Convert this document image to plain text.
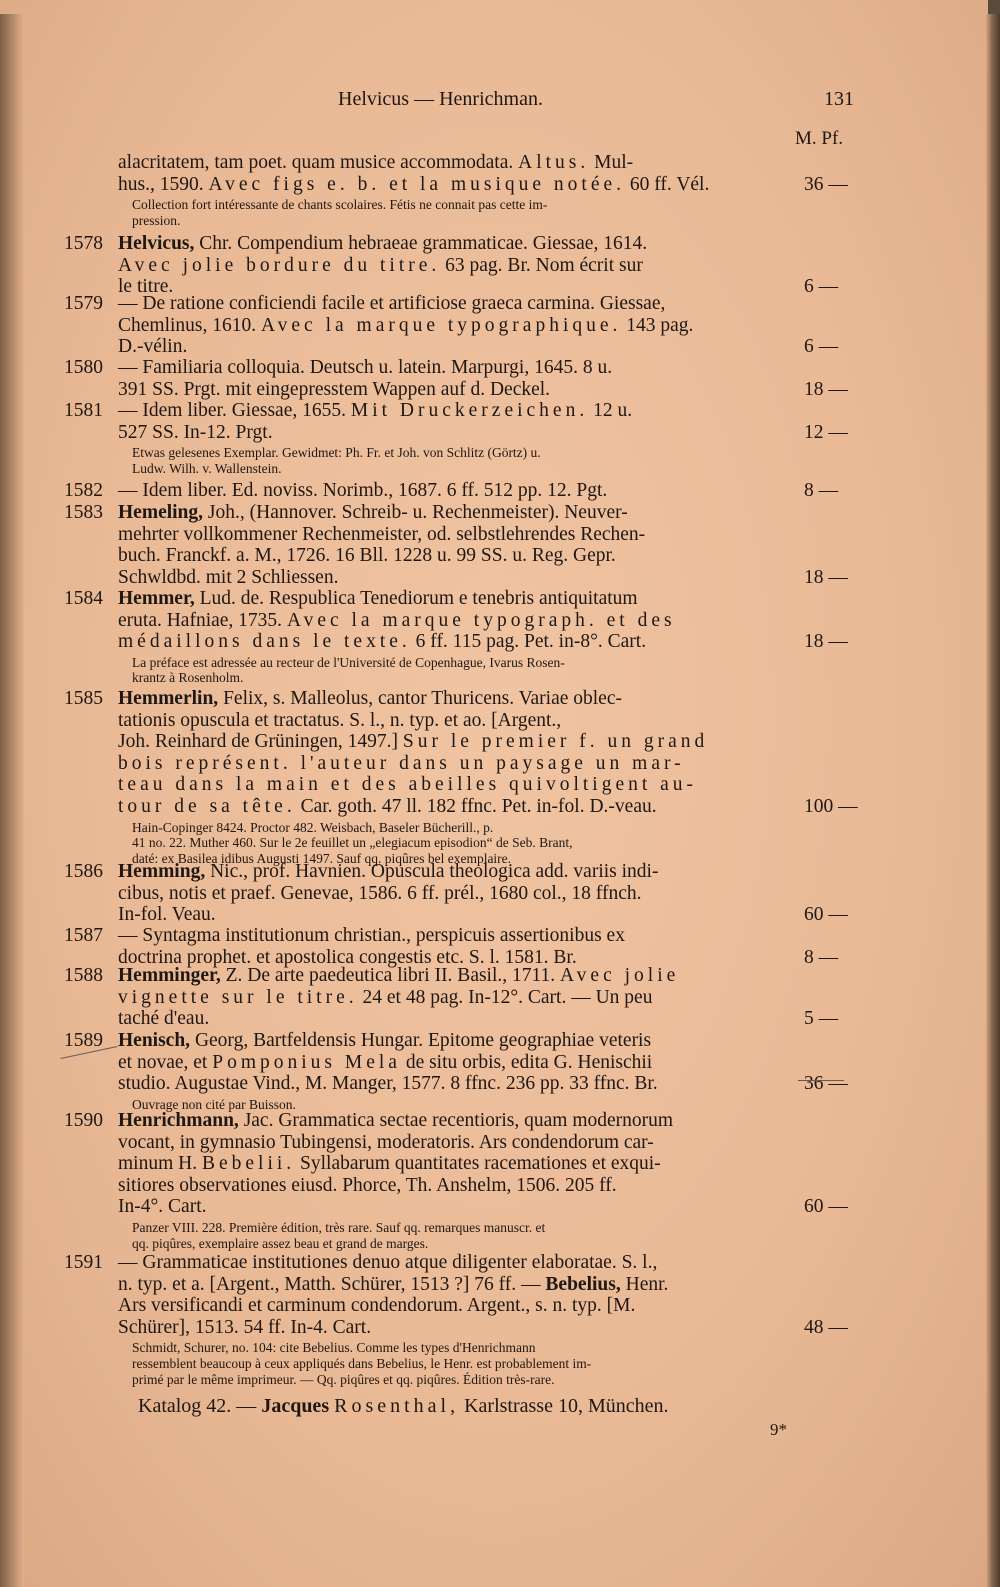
Helvicus — Henrichman.	131
M. Pf.
alacritatem, tam poet. quam musice accommodata. Altus. Mul-
hus., 1590. Avec figs e. b. et la musique notée. 60 ff. Vél.	36 —
Collection fort intéressante de chants scolaires. Fétis ne connait pas cette im-
pression.
1578 Helvicus, Chr. Compendium hebraeae grammaticae. Giessae, 1614.
Avec jolie bordure du titre. 63 pag. Br. Nom écrit sur
le titre.	6 —
1579 — De ratione conficiendi facile et artificiose graeca carmina. Giessae,
Chemlinus, 1610. Avec la marque typographique. 143 pag.
D.-vélin.	6 —
1580 — Familiaria colloquia. Deutsch u. latein. Marpurgi, 1645. 8 u.
391 SS. Prgt. mit eingepresstem Wappen auf d. Deckel.	18 —
1581 — Idem liber. Giessae, 1655. Mit Druckerzeichen. 12 u.
527 SS. In-12. Prgt.	12 —
Etwas gelesenes Exemplar. Gewidmet: Ph. Fr. et Joh. von Schlitz (Görtz) u.
Ludw. Wilh. v. Wallenstein.
1582 — Idem liber. Ed. noviss. Norimb., 1687. 6 ff. 512 pp. 12. Pgt.	8 —
1583 Hemeling, Joh., (Hannover. Schreib- u. Rechenmeister). Neuver-
mehrter vollkommener Rechenmeister, od. selbstlehrendes Rechen-
buch. Franckf. a. M., 1726. 16 Bll. 1228 u. 99 SS. u. Reg. Gepr.
Schwldbd. mit 2 Schliessen.	18 —
1584 Hemmer, Lud. de. Respublica Tenediorum e tenebris antiquitatum
eruta. Hafniae, 1735. Avec la marque typograph. et des
médaillons dans le texte. 6 ff. 115 pag. Pet. in-8°. Cart.	18 —
La préface est adressée au recteur de l'Université de Copenhague, Ivarus Rosen-
krantz à Rosenholm.
1585 Hemmerlin, Felix, s. Malleolus, cantor Thuricens. Variae oblec-
tationis opuscula et tractatus. S. l., n. typ. et ao. [Argent.,
Joh. Reinhard de Grüningen, 1497.] Sur le premier f. un grand
bois représent. l'auteur dans un paysage un mar-
teau dans la main et des abeilles quivoltigent au-
tour de sa tête. Car. goth. 47 ll. 182 ffnc. Pet. in-fol. D.-veau.	100 —
Hain-Copinger 8424. Proctor 482. Weisbach, Baseler Bücherill., p.
41 no. 22. Muther 460. Sur le 2e feuillet un „elegiacum episodion“ de Seb. Brant,
daté: ex Basilea idibus Augusti 1497. Sauf qq. piqûres bel exemplaire.
1586 Hemming, Nic., prof. Havnien. Opuscula theologica add. variis indi-
cibus, notis et praef. Genevae, 1586. 6 ff. prél., 1680 col., 18 ffnch.
In-fol. Veau.	60 —
1587 — Syntagma institutionum christian., perspicuis assertionibus ex
doctrina prophet. et apostolica congestis etc. S. l. 1581. Br.	8 —
1588 Hemminger, Z. De arte paedeutica libri II. Basil., 1711. Avec jolie
vignette sur le titre. 24 et 48 pag. In-12°. Cart. — Un peu
taché d'eau.	5 —
1589 Henisch, Georg, Bartfeldensis Hungar. Epitome geographiae veteris
et novae, et Pomponius Mela de situ orbis, edita G. Henischii
studio. Augustae Vind., M. Manger, 1577. 8 ffnc. 236 pp. 33 ffnc. Br.	36 —
Ouvrage non cité par Buisson.
1590 Henrichmann, Jac. Grammatica sectae recentioris, quam modernorum
vocant, in gymnasio Tubingensi, moderatoris. Ars condendorum car-
minum H. Bebelii. Syllabarum quantitates racemationes et exqui-
sitiores observationes eiusd. Phorce, Th. Anshelm, 1506. 205 ff.
In-4°. Cart.	60 —
Panzer VIII. 228. Première édition, très rare. Sauf qq. remarques manuscr. et
qq. piqûres, exemplaire assez beau et grand de marges.
1591 — Grammaticae institutiones denuo atque diligenter elaboratae. S. l.,
n. typ. et a. [Argent., Matth. Schürer, 1513 ?] 76 ff. — Bebelius, Henr.
Ars versificandi et carminum condendorum. Argent., s. n. typ. [M.
Schürer], 1513. 54 ff. In-4. Cart.	48 —
Schmidt, Schurer, no. 104: cite Bebelius. Comme les types d'Henrichmann
ressemblent beaucoup à ceux appliqués dans Bebelius, le Henr. est probablement im-
primé par le même imprimeur. — Qq. piqûres et qq. piqûres. Édition très-rare.
Katalog 42. — Jacques Rosenthal, Karlstrasse 10, München.
9*
